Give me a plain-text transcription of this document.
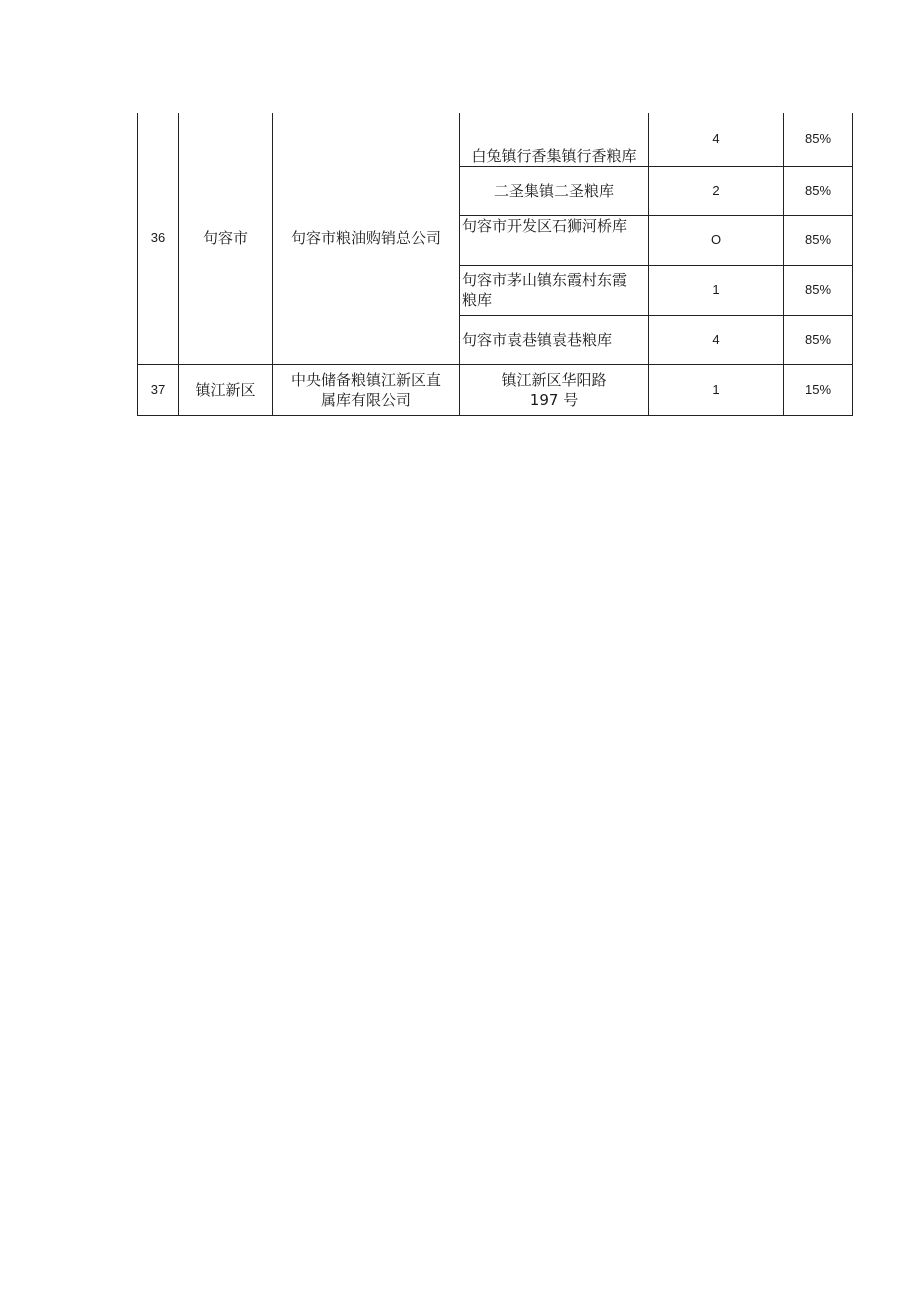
36	句容市	句容市粮油购销总公司	白兔镇行香集镇行香粮库	4	85%
			二圣集镇二圣粮库	2	85%
			句容市开发区石狮河桥库	O	85%

			句容市茅山镇东霞村东霞
粮库	1	85%
			句容市袁巷镇袁巷粮库	4	85%
37	镇江新区	中央储备粮镇江新区直
属库有限公司	镇江新区华阳路
197 号	1	15%
